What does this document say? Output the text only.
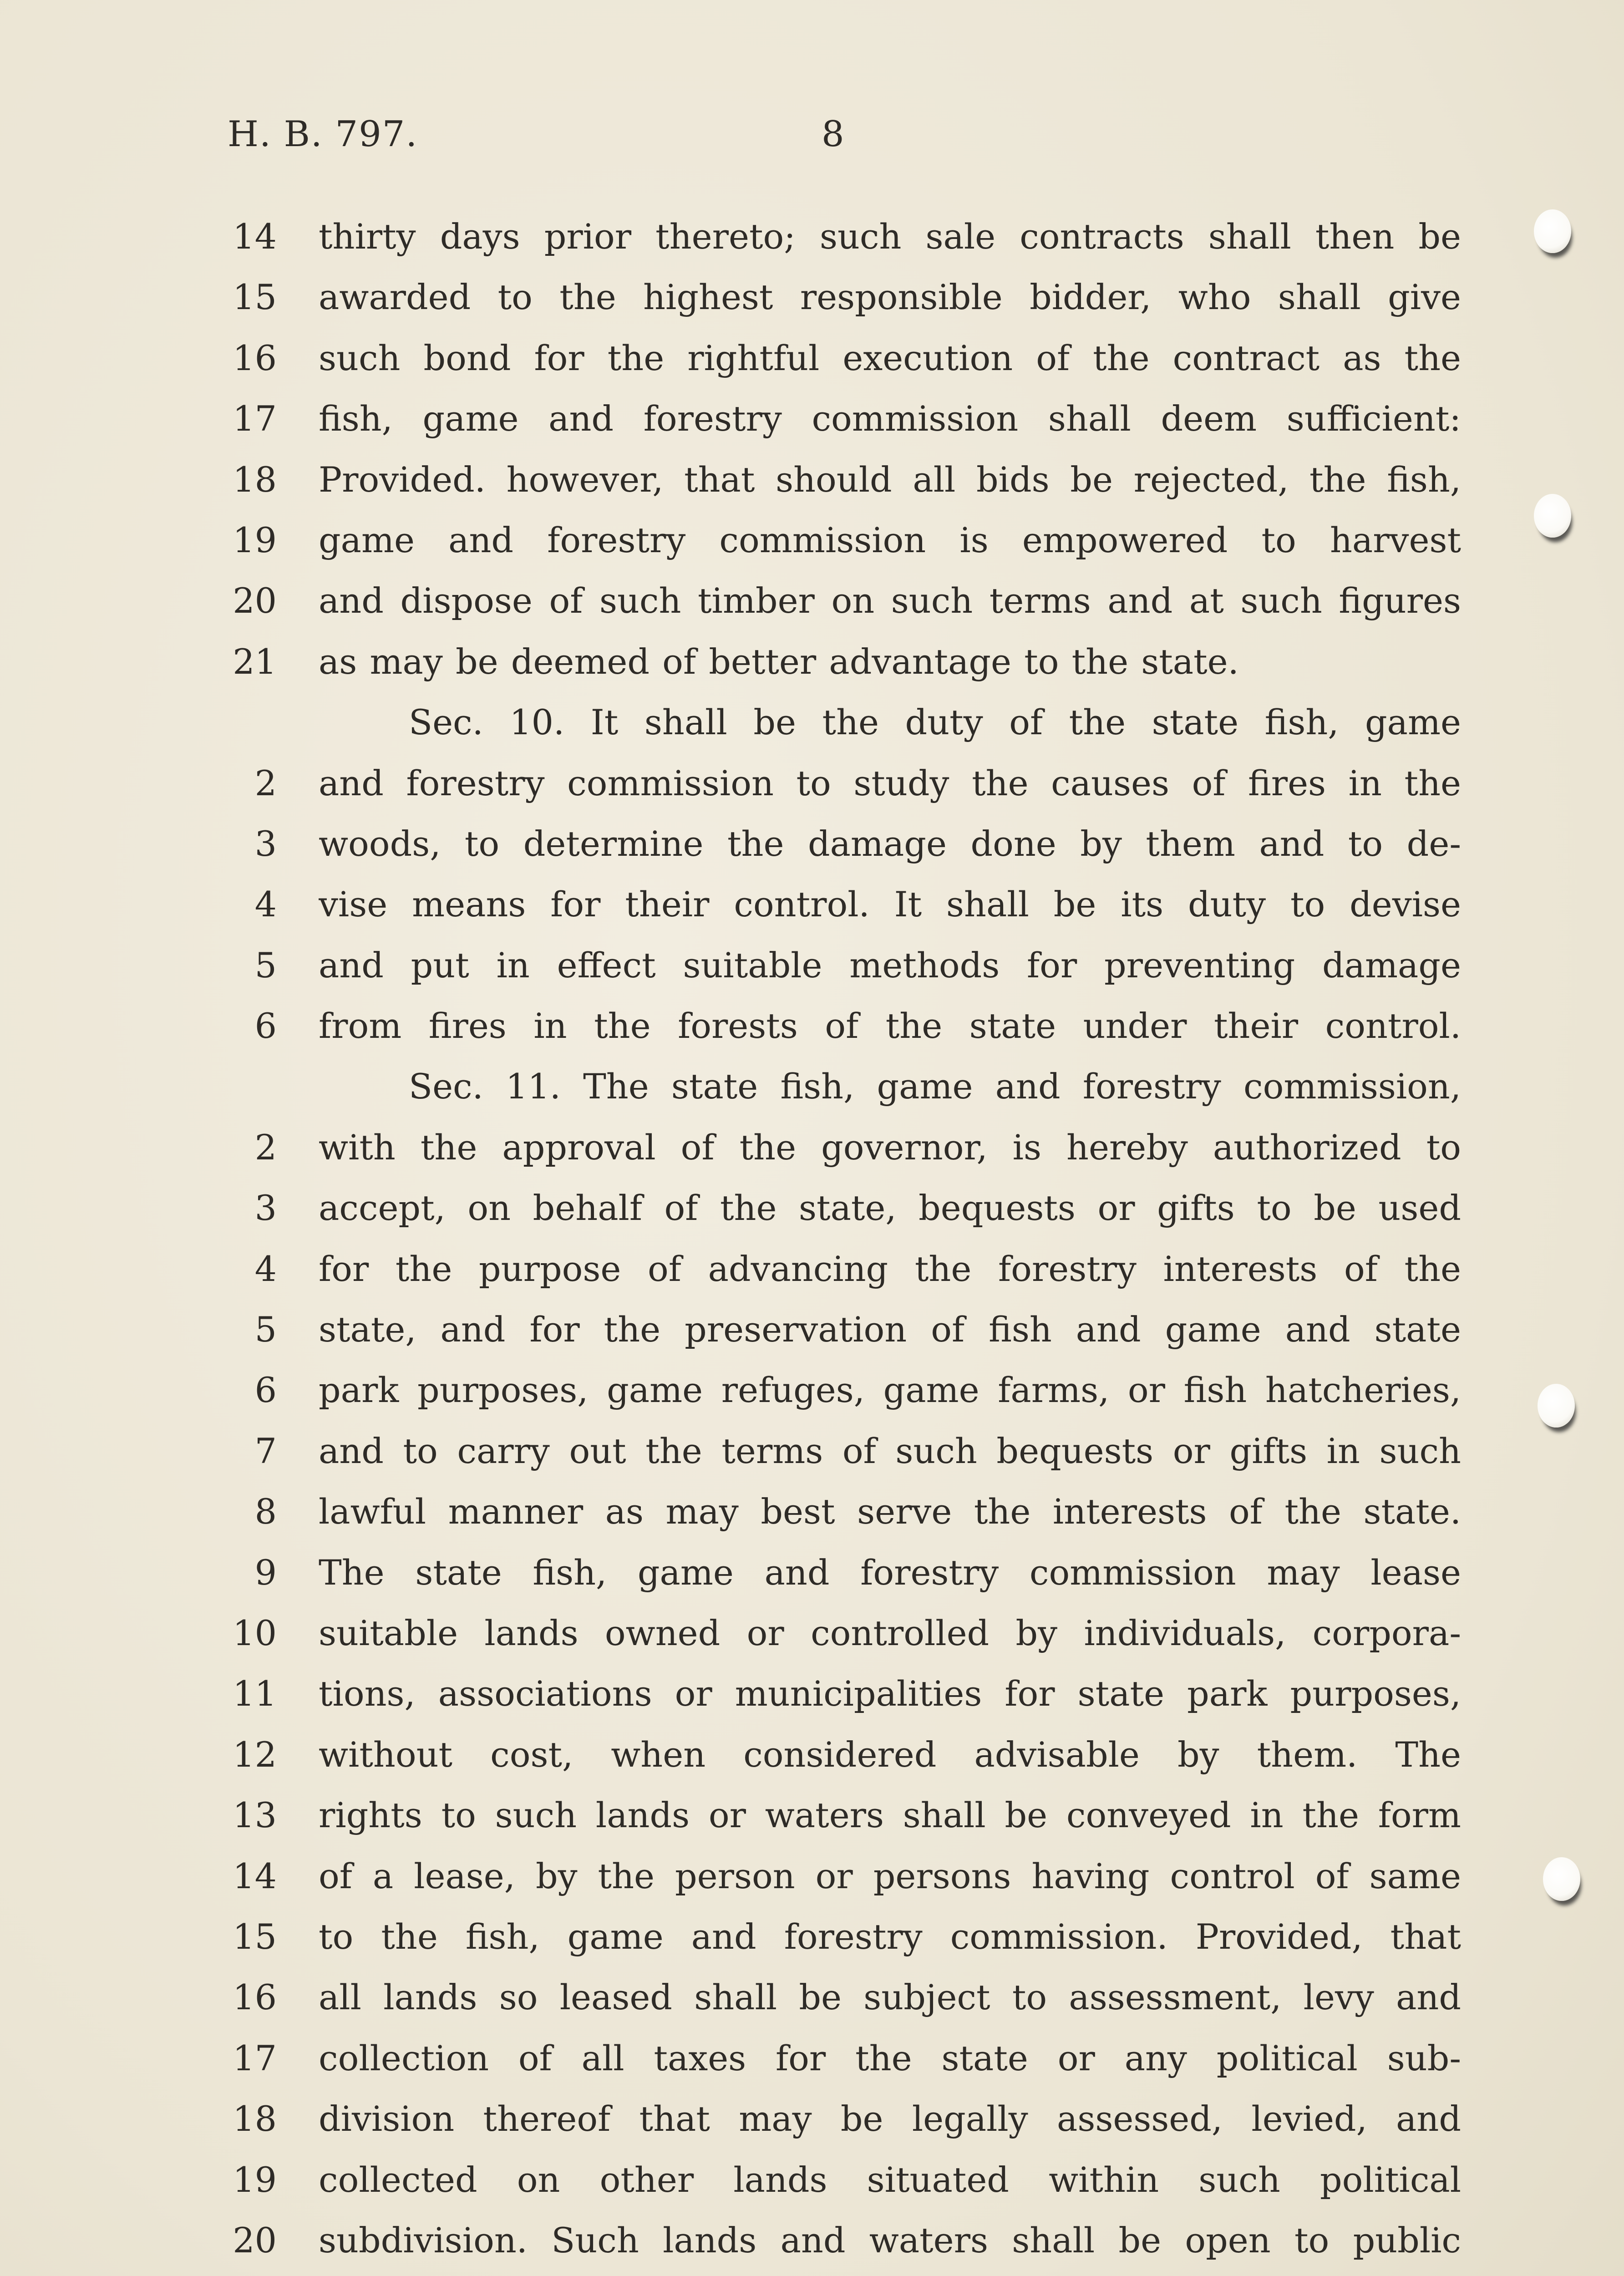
H. B. 797.	8
14 thirty days prior thereto; such sale contracts shall then be
15 awarded to the highest responsible bidder, who shall give
16 such bond for the rightful execution of the contract as the
17 fish, game and forestry commission shall deem sufficient:
18 Provided. however, that should all bids be rejected, the fish,
19 game and forestry commission is empowered to harvest
20 and dispose of such timber on such terms and at such figures
21 as may be deemed of better advantage to the state.
Sec. 10. It shall be the duty of the state fish, game
2 and forestry commission to study the causes of fires in the
3 woods, to determine the damage done by them and to de-
4 vise means for their control. It shall be its duty to devise
5 and put in effect suitable methods for preventing damage
6 from fires in the forests of the state under their control.
Sec. 11. The state fish, game and forestry commission,
2 with the approval of the governor, is hereby authorized to
3 accept, on behalf of the state, bequests or gifts to be used
4 for the purpose of advancing the forestry interests of the
5 state, and for the preservation of fish and game and state
6 park purposes, game refuges, game farms, or fish hatcheries,
7 and to carry out the terms of such bequests or gifts in such
8 lawful manner as may best serve the interests of the state.
9 The state fish, game and forestry commission may lease
10 suitable lands owned or controlled by individuals, corpora-
11 tions, associations or municipalities for state park purposes,
12 without cost, when considered advisable by them. The
13 rights to such lands or waters shall be conveyed in the form
14 of a lease, by the person or persons having control of same
15 to the fish, game and forestry commission. Provided, that
16 all lands so leased shall be subject to assessment, levy and
17 collection of all taxes for the state or any political sub-
18 division thereof that may be legally assessed, levied, and
19 collected on other lands situated within such political
20 subdivision. Such lands and waters shall be open to public
